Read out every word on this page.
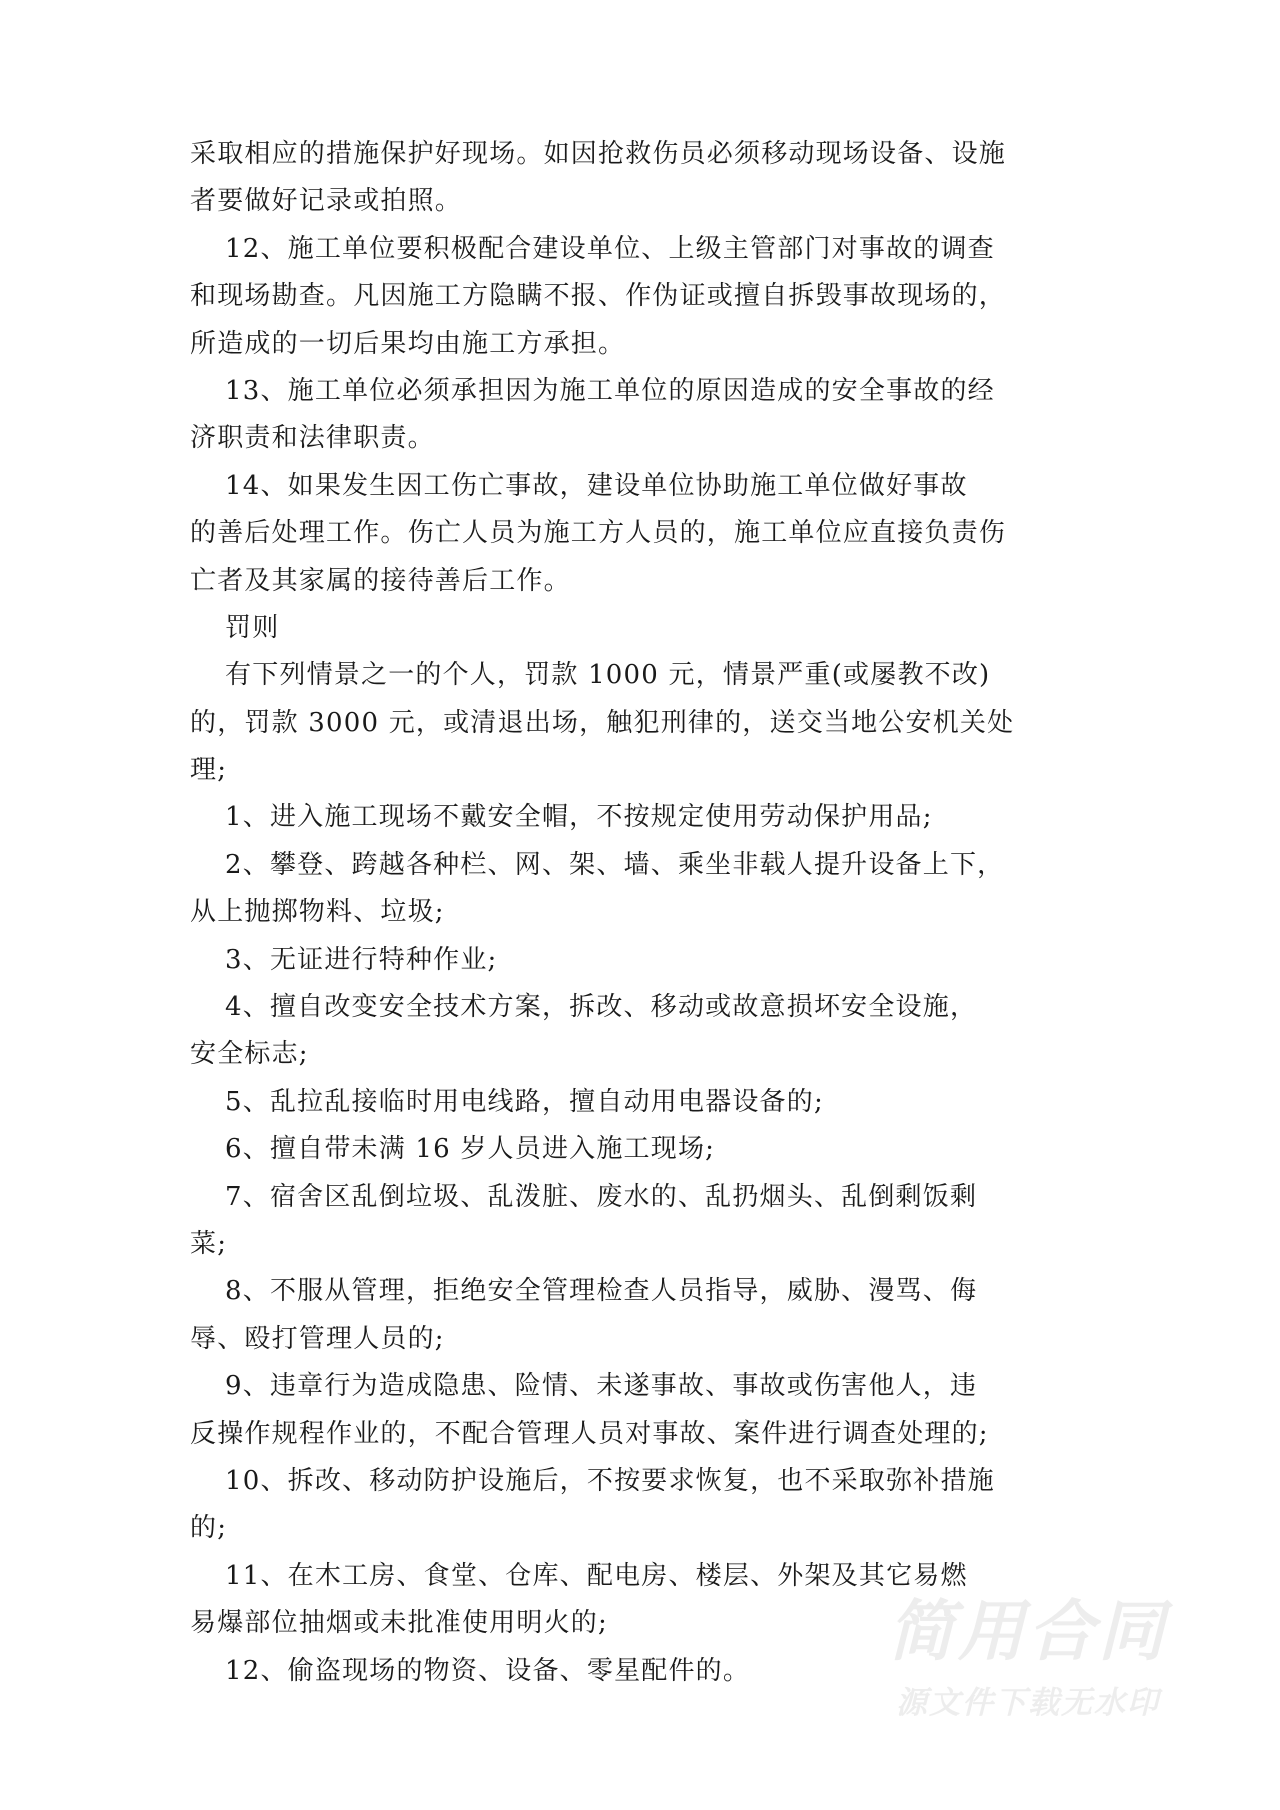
采取相应的措施保护好现场。如因抢救伤员必须移动现场设备、设施
者要做好记录或拍照。
12、施工单位要积极配合建设单位、上级主管部门对事故的调查
和现场勘查。凡因施工方隐瞒不报、作伪证或擅自拆毁事故现场的，
所造成的一切后果均由施工方承担。
13、施工单位必须承担因为施工单位的原因造成的安全事故的经
济职责和法律职责。
14、如果发生因工伤亡事故，建设单位协助施工单位做好事故
的善后处理工作。伤亡人员为施工方人员的，施工单位应直接负责伤
亡者及其家属的接待善后工作。
罚则
有下列情景之一的个人，罚款 1000 元，情景严重(或屡教不改)
的，罚款 3000 元，或清退出场，触犯刑律的，送交当地公安机关处
理;
1、进入施工现场不戴安全帽，不按规定使用劳动保护用品;
2、攀登、跨越各种栏、网、架、墙、乘坐非载人提升设备上下，
从上抛掷物料、垃圾;
3、无证进行特种作业;
4、擅自改变安全技术方案，拆改、移动或故意损坏安全设施，
安全标志;
5、乱拉乱接临时用电线路，擅自动用电器设备的;
6、擅自带未满 16 岁人员进入施工现场;
7、宿舍区乱倒垃圾、乱泼脏、废水的、乱扔烟头、乱倒剩饭剩
菜;
8、不服从管理，拒绝安全管理检查人员指导，威胁、漫骂、侮
辱、殴打管理人员的;
9、违章行为造成隐患、险情、未遂事故、事故或伤害他人，违
反操作规程作业的，不配合管理人员对事故、案件进行调查处理的;
10、拆改、移动防护设施后，不按要求恢复，也不采取弥补措施
的;
11、在木工房、食堂、仓库、配电房、楼层、外架及其它易燃
易爆部位抽烟或未批准使用明火的;
12、偷盗现场的物资、设备、零星配件的。
简用合同
源文件下载无水印
